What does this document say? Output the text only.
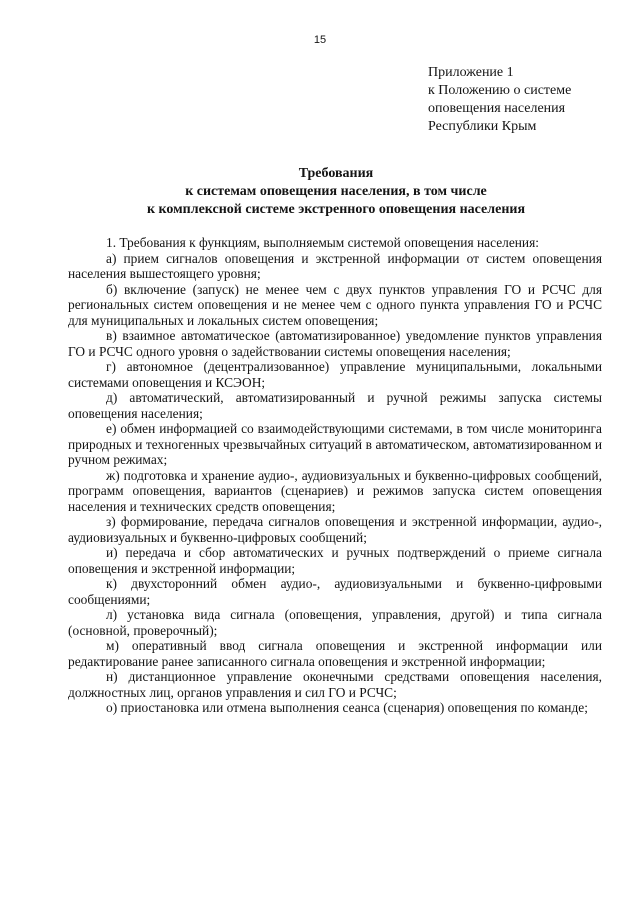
15
Приложение 1
к Положению о системе
оповещения населения
Республики Крым
Требования
к системам оповещения населения, в том числе
к комплексной системе экстренного оповещения населения

1. Требования к функциям, выполняемым системой оповещения населения:

а) прием сигналов оповещения и экстренной информации от систем оповещения населения вышестоящего уровня;

б) включение (запуск) не менее чем с двух пунктов управления ГО и РСЧС для региональных систем оповещения и не менее чем с одного пункта управления ГО и РСЧС для муниципальных и локальных систем оповещения;

в) взаимное автоматическое (автоматизированное) уведомление пунктов управления ГО и РСЧС одного уровня о задействовании системы оповещения населения;

г) автономное (децентрализованное) управление муниципальными, локальными системами оповещения и КСЭОН;

д) автоматический, автоматизированный и ручной режимы запуска системы оповещения населения;

е) обмен информацией со взаимодействующими системами, в том числе мониторинга природных и техногенных чрезвычайных ситуаций в автоматическом, автоматизированном и ручном режимах;

ж) подготовка и хранение аудио-, аудиовизуальных и буквенно-цифровых сообщений, программ оповещения, вариантов (сценариев) и режимов запуска систем оповещения населения и технических средств оповещения;

з) формирование, передача сигналов оповещения и экстренной информации, аудио-, аудиовизуальных и буквенно-цифровых сообщений;

и) передача и сбор автоматических и ручных подтверждений о приеме сигнала оповещения и экстренной информации;

к) двухсторонний обмен аудио-, аудиовизуальными и буквенно-цифровыми сообщениями;

л) установка вида сигнала (оповещения, управления, другой) и типа сигнала (основной, проверочный);

м) оперативный ввод сигнала оповещения и экстренной информации или редактирование ранее записанного сигнала оповещения и экстренной информации;

н) дистанционное управление оконечными средствами оповещения населения, должностных лиц, органов управления и сил ГО и РСЧС;

о) приостановка или отмена выполнения сеанса (сценария) оповещения по команде;
